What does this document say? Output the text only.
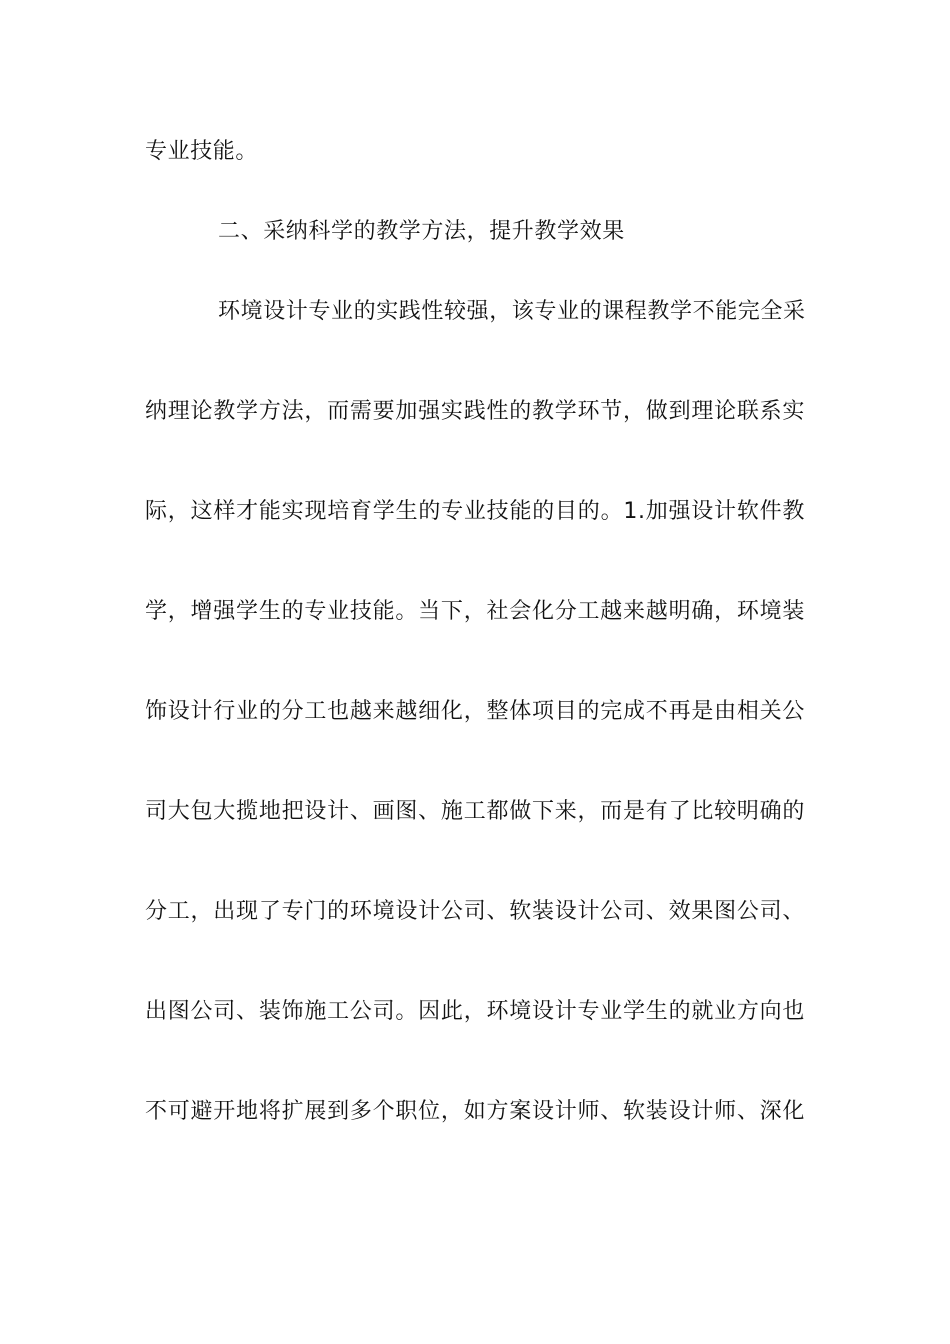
专业技能。
二、采纳科学的教学方法，提升教学效果
环境设计专业的实践性较强，该专业的课程教学不能完全采
纳理论教学方法，而需要加强实践性的教学环节，做到理论联系实
际，这样才能实现培育学生的专业技能的目的。1.加强设计软件教
学，增强学生的专业技能。当下，社会化分工越来越明确，环境装
饰设计行业的分工也越来越细化，整体项目的完成不再是由相关公
司大包大揽地把设计、画图、施工都做下来，而是有了比较明确的
分工，出现了专门的环境设计公司、软装设计公司、效果图公司、
出图公司、装饰施工公司。因此，环境设计专业学生的就业方向也
不可避开地将扩展到多个职位，如方案设计师、软装设计师、深化
